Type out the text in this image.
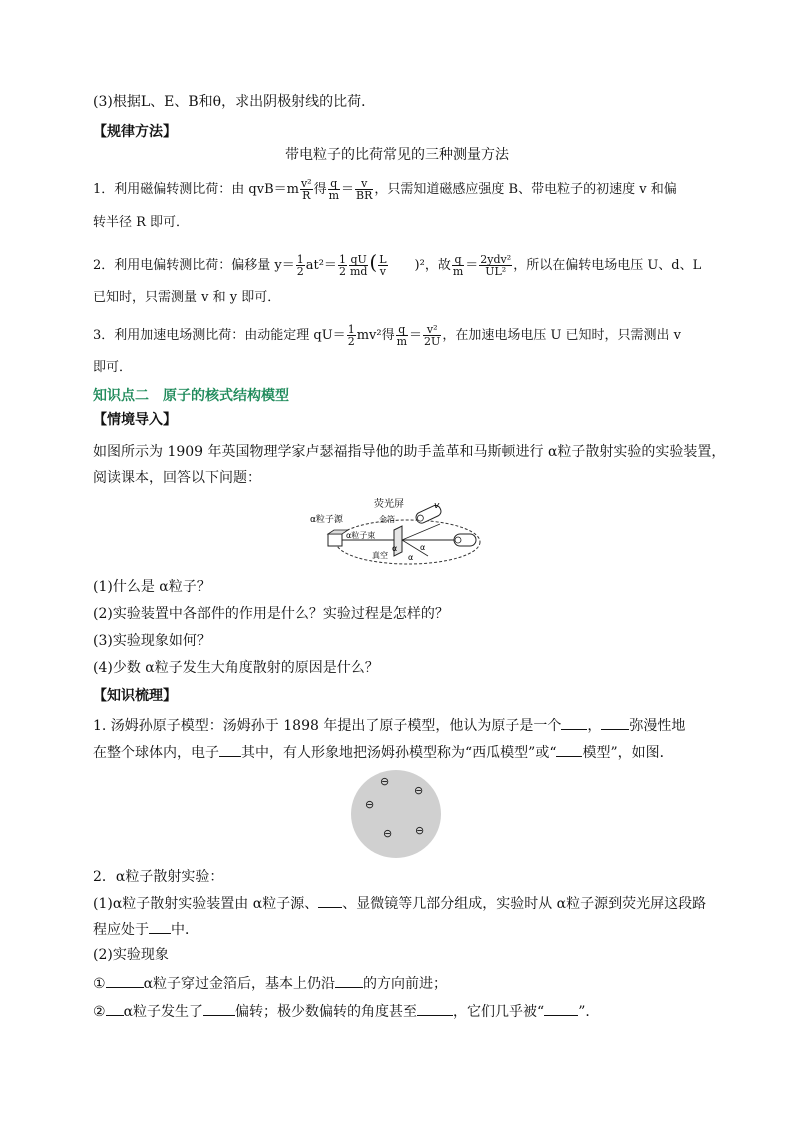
(3)根据L、E、B和θ，求出阴极射线的比荷．
【规律方法】
带电粒子的比荷常见的三种测量方法
1．利用磁偏转测比荷：由 $qvB=m \frac{\text{v²}}{R}$ 得 $\frac{q}{m} = \frac{v}{BR}$ ，只需知道磁感应强度 B、带电粒子的初速度 v 和偏
转半径 R 即可．
2．利用电偏转测比荷：偏移量 $y= \frac{1}{2} at^2= \frac{1}{2} \frac{qU}{md}$ ( $\frac{L}{v} )^2$，故 $\frac{q}{m} = \frac{\text{2ydv²}}{\text{UL²}}$ ，所以在偏转电场电压 U、d、L
已知时，只需测量 v 和 y 即可．
3．利用加速电场测比荷：由动能定理 $qU= \frac{1}{2} mv^2$得 $\frac{q}{m} = \frac{\text{v²}}{2U}$ ，在加速电场电压 U 已知时，只需测出 v
即可．
知识点二　原子的核式结构模型
【情境导入】
如图所示为 1909 年英国物理学家卢瑟福指导他的助手盖革和马斯顿进行 α粒子散射实验的实验装置，
阅读课本，回答以下问题：
荧光屏
α粒子源	金箔
α粒子束
真空
α
α
α
v
(1)什么是 α粒子？
(2)实验装置中各部件的作用是什么？实验过程是怎样的？
(3)实验现象如何？
(4)少数 α粒子发生大角度散射的原因是什么？
【知识梳理】
1. 汤姆孙原子模型：汤姆孙于 1898 年提出了原子模型，他认为原子是一个 ， 弥漫性地
在整个球体内，电子 其中，有人形象地把汤姆孙模型称为“西瓜模型”或“ 模型”，如图．
⊖
⊖
⊖
⊖
⊖
2．α粒子散射实验：
(1)α粒子散射实验装置由 α粒子源、 、显微镜等几部分组成，实验时从 α粒子源到荧光屏这段路
程应处于 中．
(2)实验现象
①	α粒子穿过金箔后，基本上仍沿 的方向前进；
② α粒子发生了 偏转；极少数偏转的角度甚至	，它们几乎被“ ”．
